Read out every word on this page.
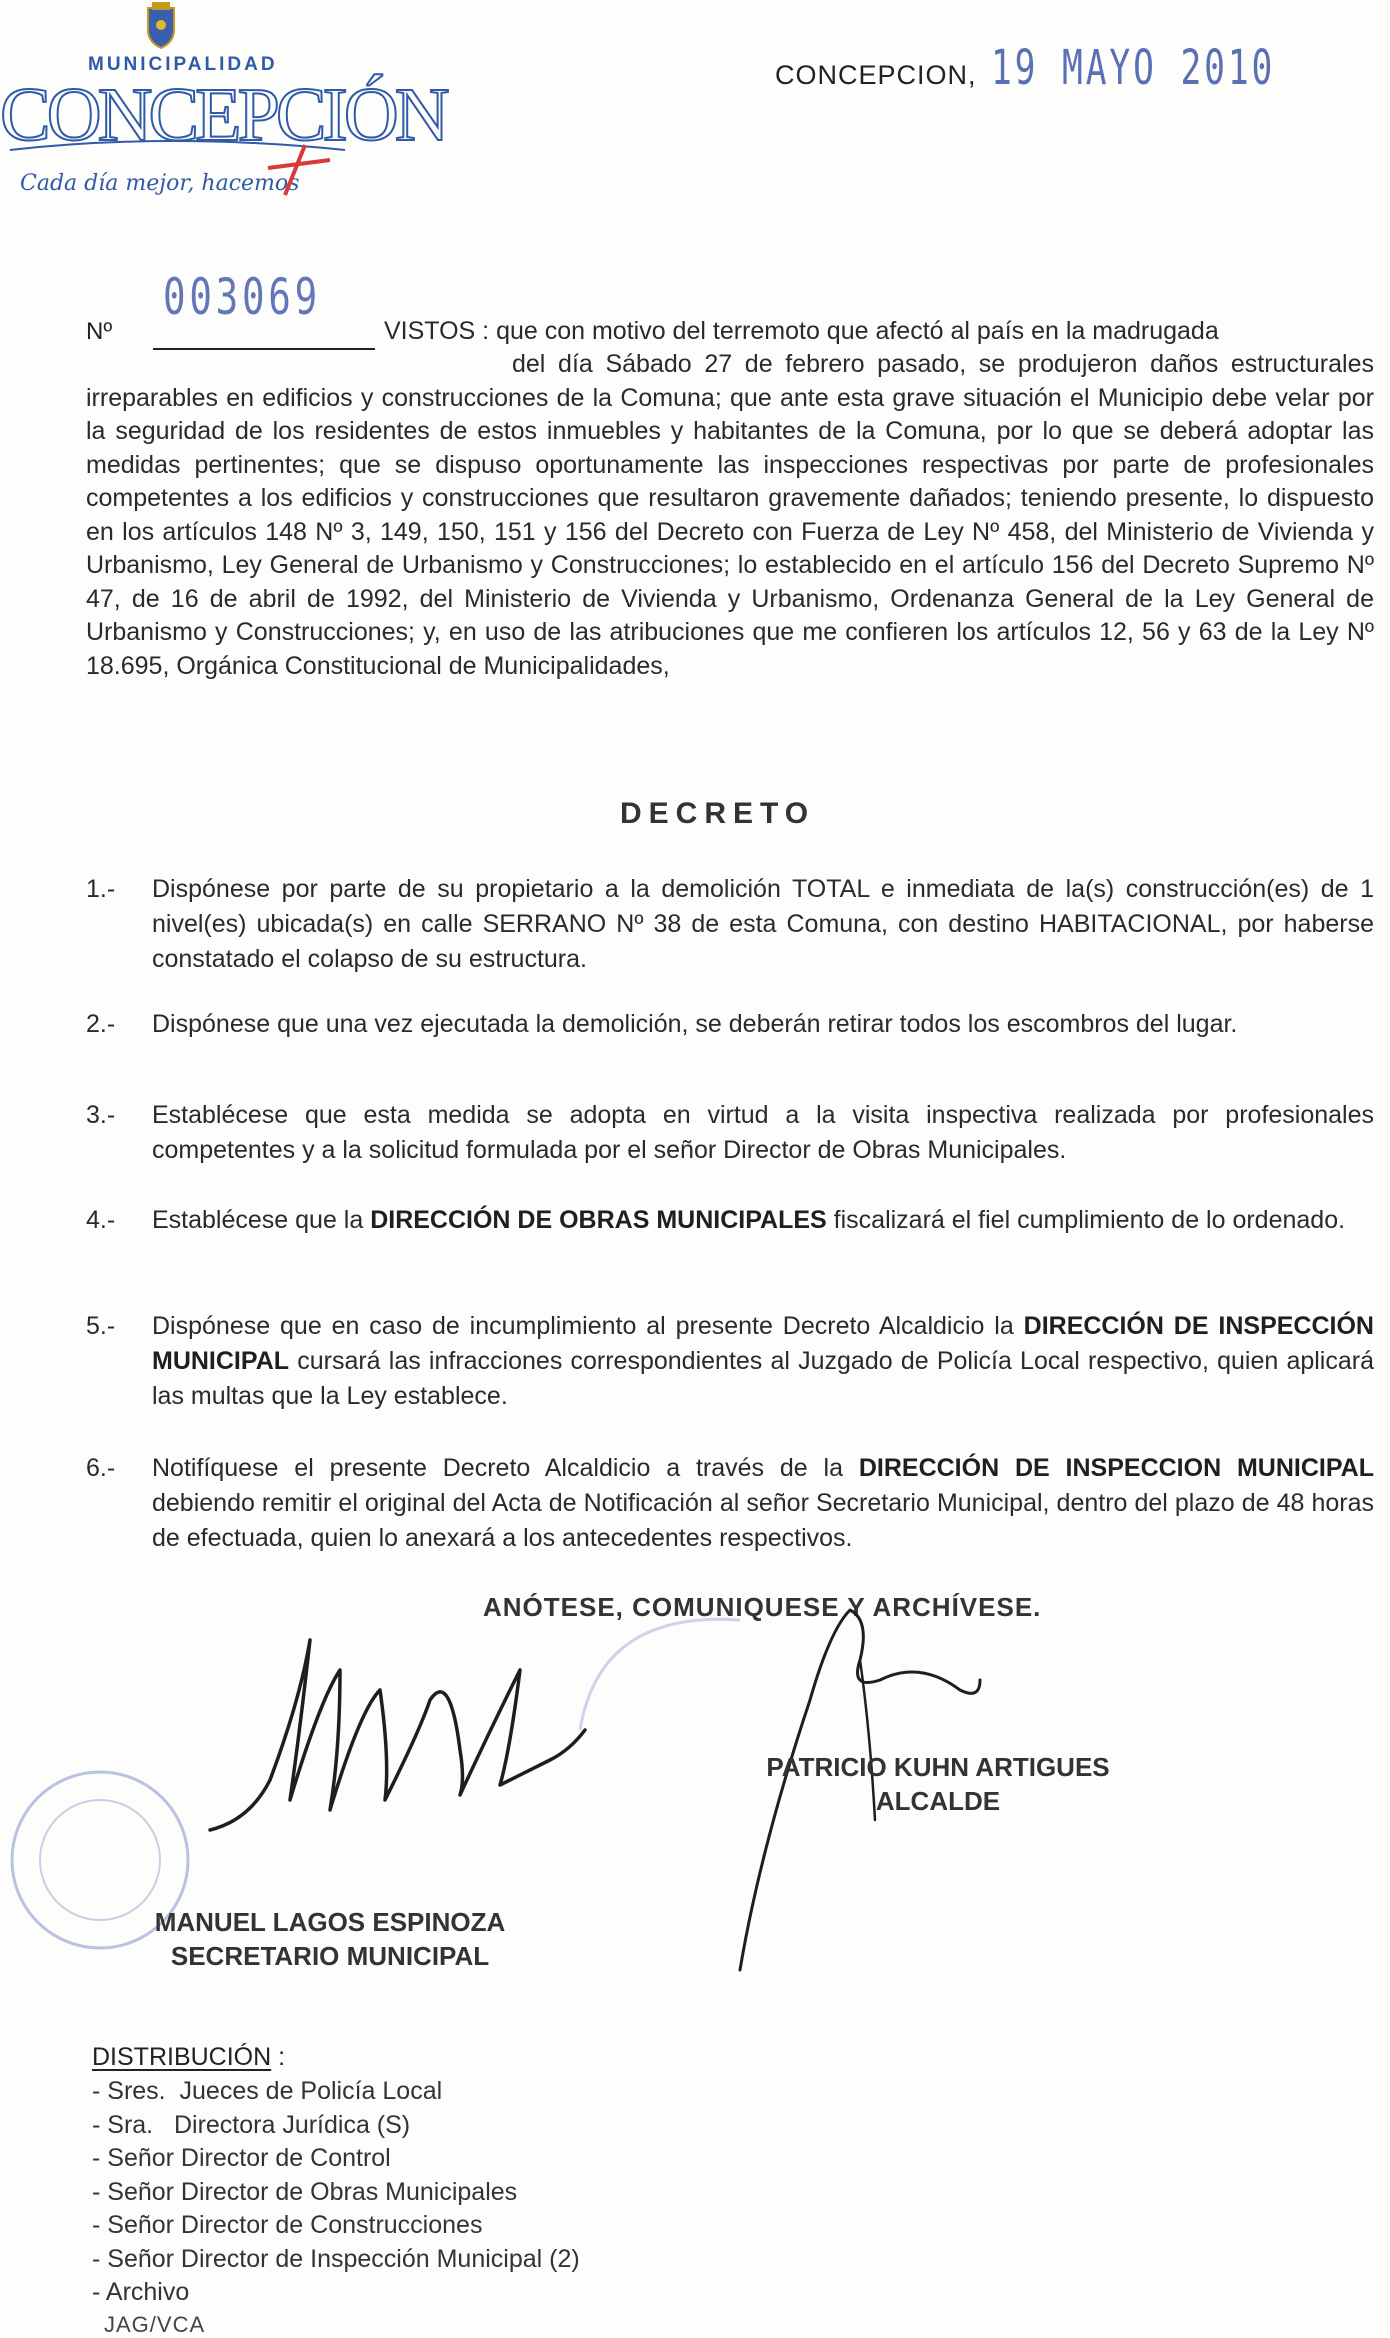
MUNICIPALIDAD
CONCEPCIÓN
Cada día mejor, hacemos
CONCEPCION, 19 MAYO 2010
Nº
003069
VISTOS : que con motivo del terremoto que afectó al país en la madrugada
del día Sábado 27 de febrero pasado, se produjeron daños estructurales irreparables en edificios y construcciones de la Comuna; que ante esta grave situación el Municipio debe velar por la seguridad de los residentes de estos inmuebles y habitantes de la Comuna, por lo que se deberá adoptar las medidas pertinentes; que se dispuso oportunamente las inspecciones respectivas por parte de profesionales competentes a los edificios y construcciones que resultaron gravemente dañados; teniendo presente, lo dispuesto en los artículos 148 Nº 3, 149, 150, 151 y 156 del Decreto con Fuerza de Ley Nº 458, del Ministerio de Vivienda y Urbanismo, Ley General de Urbanismo y Construcciones; lo establecido en el artículo 156 del Decreto Supremo Nº 47, de 16 de abril de 1992, del Ministerio de Vivienda y Urbanismo, Ordenanza General de la Ley General de Urbanismo y Construcciones; y, en uso de las atribuciones que me confieren los artículos 12, 56 y 63 de la Ley Nº 18.695, Orgánica Constitucional de Municipalidades,
DECRETO
1.- Dispónese por parte de su propietario a la demolición TOTAL e inmediata de la(s) construcción(es) de 1 nivel(es) ubicada(s) en calle SERRANO Nº 38 de esta Comuna, con destino HABITACIONAL, por haberse constatado el colapso de su estructura.
2.- Dispónese que una vez ejecutada la demolición, se deberán retirar todos los escombros del lugar.
3.- Establécese que esta medida se adopta en virtud a la visita inspectiva realizada por profesionales competentes y a la solicitud formulada por el señor Director de Obras Municipales.
4.- Establécese que la DIRECCIÓN DE OBRAS MUNICIPALES fiscalizará el fiel cumplimiento de lo ordenado.
5.- Dispónese que en caso de incumplimiento al presente Decreto Alcaldicio la DIRECCIÓN DE INSPECCIÓN MUNICIPAL cursará las infracciones correspondientes al Juzgado de Policía Local respectivo, quien aplicará las multas que la Ley establece.
6.- Notifíquese el presente Decreto Alcaldicio a través de la DIRECCIÓN DE INSPECCION MUNICIPAL debiendo remitir el original del Acta de Notificación al señor Secretario Municipal, dentro del plazo de 48 horas de efectuada, quien lo anexará a los antecedentes respectivos.
ANÓTESE, COMUNIQUESE Y ARCHÍVESE.
PATRICIO KUHN ARTIGUES
ALCALDE
MANUEL LAGOS ESPINOZA
SECRETARIO MUNICIPAL
DISTRIBUCIÓN :
- Sres.  Jueces de Policía Local
- Sra.   Directora Jurídica (S)
- Señor Director de Control
- Señor Director de Obras Municipales
- Señor Director de Construcciones
- Señor Director de Inspección Municipal (2)
- Archivo
JAG/VCA
